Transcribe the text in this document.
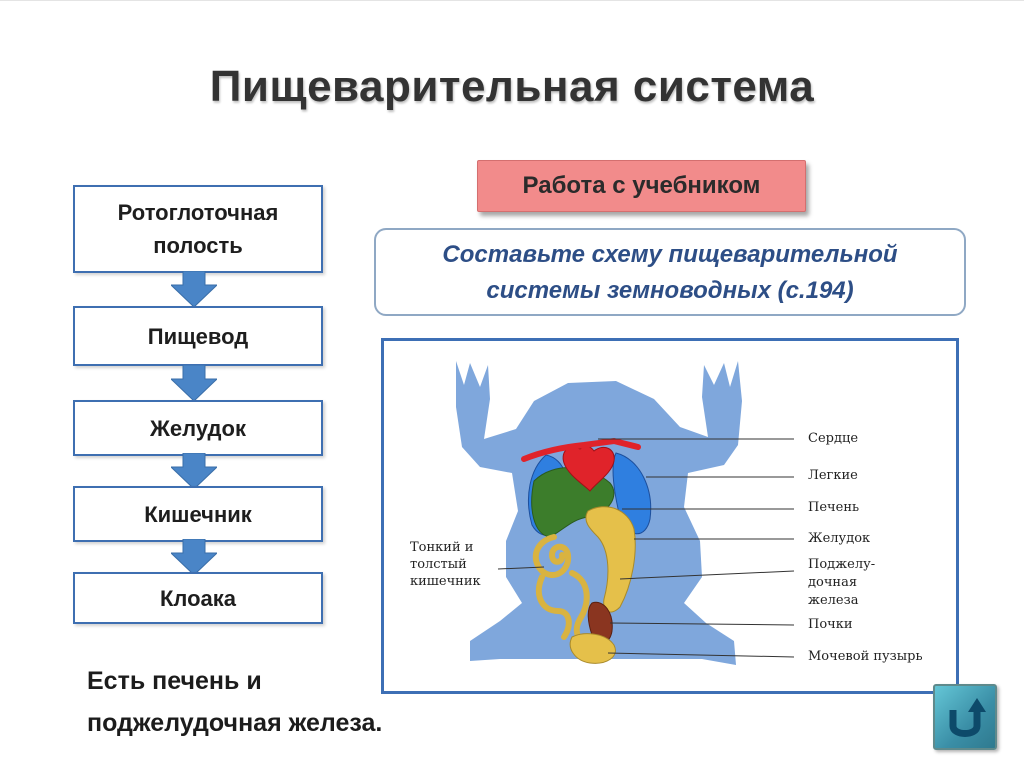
Пищеварительная система
Ротоглоточная полость
Пищевод
Желудок
Кишечник
Клоака
Работа с учебником
Составьте схему пищеварительной
системы земноводных (с.194)
Тонкий и
толстый
кишечник
Сердце
Легкие
Печень
Желудок
Поджелу-
дочная
железа
Почки
Мочевой пузырь
Есть печень и
поджелудочная железа.
